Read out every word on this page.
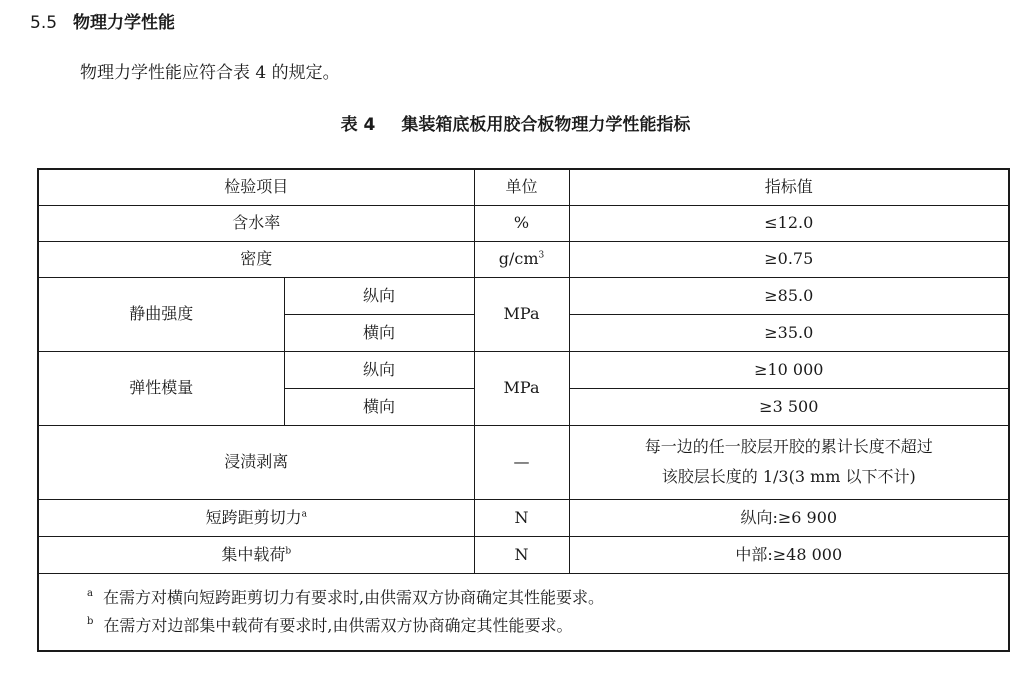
5.5 物理力学性能
物理力学性能应符合表 4 的规定。
表 4 集装箱底板用胶合板物理力学性能指标
检验项目		单位	指标值
含水率		%	≤12.0
密度		$g/cm^3$	≥0.75
静曲强度	纵向	MPa	≥85.0
	横向		≥35.0
弹性模量	纵向	MPa	≥10 000
	横向		≥3 500
浸渍剥离		—	每一边的任一胶层开胶的累计长度不超过
该胶层长度的 1/3(3 mm 以下不计)

短跨距剪切力$^a$		N	纵向:≥6 900
集中载荷$^b$		N	中部:≥48 000

$^a$ 在需方对横向短跨距剪切力有要求时,由供需双方协商确定其性能要求。
$^b$ 在需方对边部集中载荷有要求时,由供需双方协商确定其性能要求。			
